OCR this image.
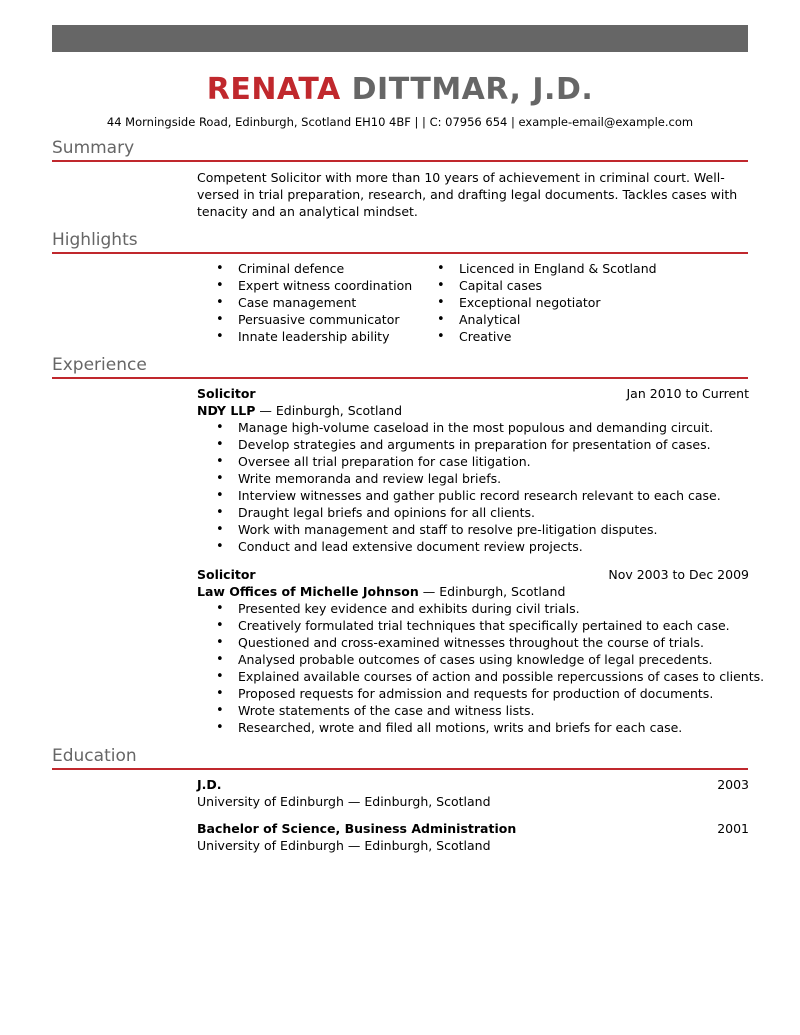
RENATA DITTMAR, J.D.
44 Morningside Road, Edinburgh, Scotland EH10 4BF | | C: 07956 654 | example-email@example.com
Summary
Competent Solicitor with more than 10 years of achievement in criminal court. Well-versed in trial preparation, research, and drafting legal documents. Tackles cases with tenacity and an analytical mindset.
Highlights
• Criminal defence
• Expert witness coordination
• Case management
• Persuasive communicator
• Innate leadership ability
• Licenced in England & Scotland
• Capital cases
• Exceptional negotiator
• Analytical
• Creative
Experience
Solicitor	Jan 2010 to Current
NDY LLP — Edinburgh, Scotland
• Manage high-volume caseload in the most populous and demanding circuit.
• Develop strategies and arguments in preparation for presentation of cases.
• Oversee all trial preparation for case litigation.
• Write memoranda and review legal briefs.
• Interview witnesses and gather public record research relevant to each case.
• Draught legal briefs and opinions for all clients.
• Work with management and staff to resolve pre-litigation disputes.
• Conduct and lead extensive document review projects.
Solicitor	Nov 2003 to Dec 2009
Law Offices of Michelle Johnson — Edinburgh, Scotland
• Presented key evidence and exhibits during civil trials.
• Creatively formulated trial techniques that specifically pertained to each case.
• Questioned and cross-examined witnesses throughout the course of trials.
• Analysed probable outcomes of cases using knowledge of legal precedents.
• Explained available courses of action and possible repercussions of cases to clients.
• Proposed requests for admission and requests for production of documents.
• Wrote statements of the case and witness lists.
• Researched, wrote and filed all motions, writs and briefs for each case.
Education
J.D.	2003
University of Edinburgh — Edinburgh, Scotland
Bachelor of Science, Business Administration	2001
University of Edinburgh — Edinburgh, Scotland
